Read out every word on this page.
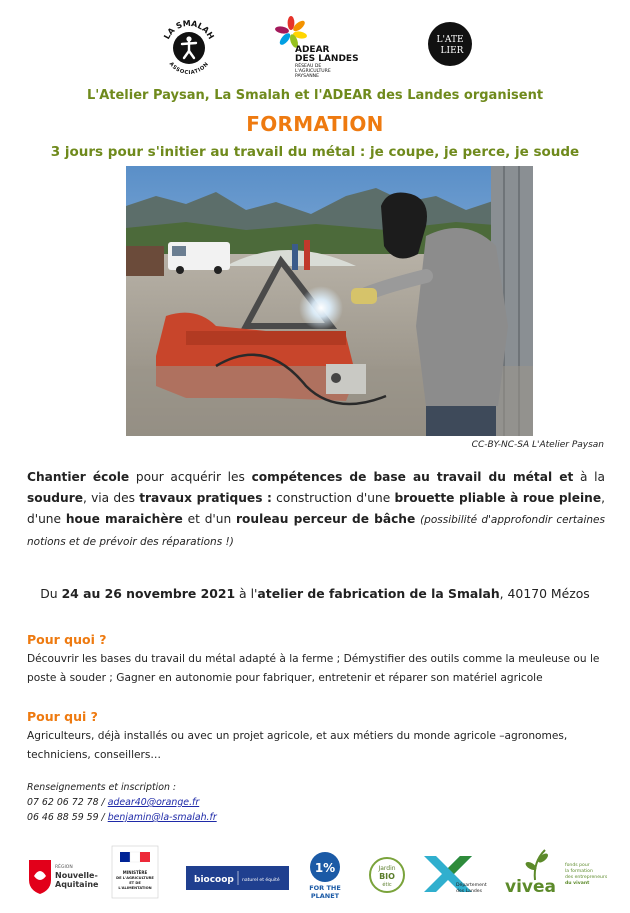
LA SMALAH
ASSOCIATION
ADEAR
DES LANDES
RÉSEAU DE
L'AGRICULTURE
PAYSANNE
L'ATE
LIER
L'Atelier Paysan, La Smalah et l'ADEAR des Landes organisent
FORMATION
3 jours pour s'initier au travail du métal : je coupe, je perce, je soude
CC-BY-NC-SA L'Atelier Paysan
Chantier école pour acquérir les compétences de base au travail du métal et à la soudure, via des travaux pratiques : construction d'une brouette pliable à roue pleine, d'une houe maraichère et d'un rouleau perceur de bâche (possibilité d'approfondir certaines notions et de prévoir des réparations !)
Du 24 au 26 novembre 2021 à l'atelier de fabrication de la Smalah, 40170 Mézos
Pour quoi ?
Découvrir les bases du travail du métal adapté à la ferme ; Démystifier des outils comme la meuleuse ou le poste à souder ; Gagner en autonomie pour fabriquer, entretenir et réparer son matériel agricole
Pour qui ?
Agriculteurs, déjà installés ou avec un projet agricole, et aux métiers du monde agricole –agronomes, techniciens, conseillers…
Renseignements et inscription :
07 62 06 72 78 / adear40@orange.fr
06 46 88 59 59 / benjamin@la-smalah.fr
RÉGION
Nouvelle-
Aquitaine
MINISTÈRE
DE L'AGRICULTURE
ET DE
L'ALIMENTATION
biocoop naturel et équité
1%
FOR THE
PLANET
Jardin
BIO
étic	Département
des Landes vivea
fonds pour
la formation
des entrepreneurs
du vivant
